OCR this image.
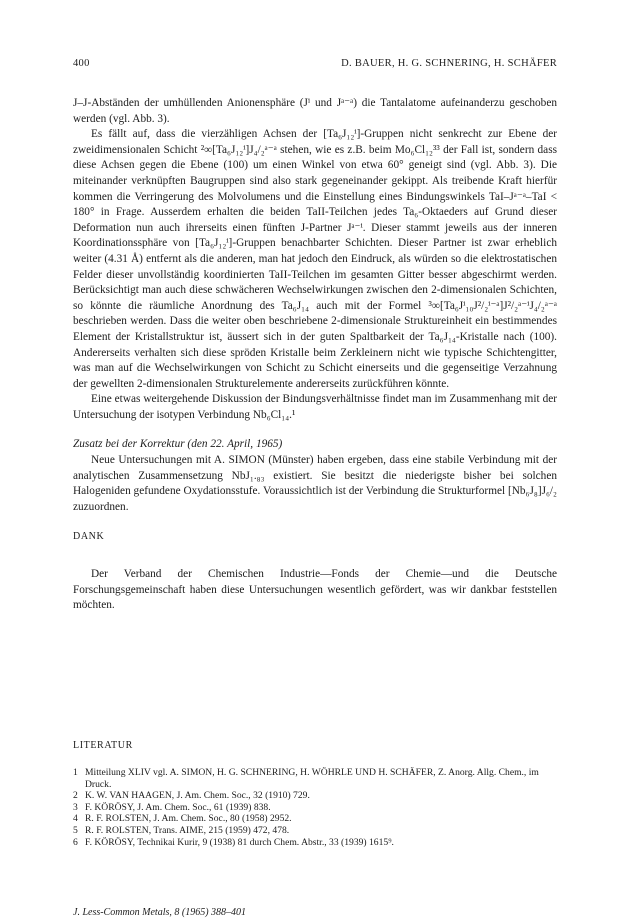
400	D. BAUER, H. G. SCHNERING, H. SCHÄFER

J–J-Abständen der umhüllenden Anionensphäre (Jⁱ und Jᵃ⁻ᵃ) die Tantalatome aufeinanderzu geschoben werden (vgl. Abb. 3).

Es fällt auf, dass die vierzähligen Achsen der [Ta₆J₁₂ⁱ]-Gruppen nicht senkrecht zur Ebene der zweidimensionalen Schicht ²∞[Ta₆J₁₂ⁱ]J₄/₂ᵃ⁻ᵃ stehen, wie es z.B. beim Mo₆Cl₁₂³³ der Fall ist, sondern dass diese Achsen gegen die Ebene (100) um einen Winkel von etwa 60° geneigt sind (vgl. Abb. 3). Die miteinander verknüpften Baugruppen sind also stark gegeneinander gekippt. Als treibende Kraft hierfür kommen die Verringerung des Molvolumens und die Einstellung eines Bindungswinkels TaI–Jᵃ⁻ᵃ–TaI < 180° in Frage. Ausserdem erhalten die beiden TaII-Teilchen jedes Ta₆-Oktaeders auf Grund dieser Deformation nun auch ihrerseits einen fünften J-Partner Jᵃ⁻ⁱ. Dieser stammt jeweils aus der inneren Koordinationssphäre von [Ta₆J₁₂ⁱ]-Gruppen benachbarter Schichten. Dieser Partner ist zwar erheblich weiter (4.31 Å) entfernt als die anderen, man hat jedoch den Eindruck, als würden so die elektrostatischen Felder dieser unvollständig koordinierten TaII-Teilchen im gesamten Gitter besser abgeschirmt werden. Berücksichtigt man auch diese schwächeren Wechselwirkungen zwischen den 2-dimensionalen Schichten, so könnte die räumliche Anordnung des Ta₆J₁₄ auch mit der Formel ³∞[Ta₆Jⁱ₁₀J²/₂ⁱ⁻ᵃ]J²/₂ᵃ⁻ⁱJ₄/₂ᵃ⁻ᵃ beschrieben werden. Dass die weiter oben beschriebene 2-dimensionale Struktureinheit ein bestimmendes Element der Kristallstruktur ist, äussert sich in der guten Spaltbarkeit der Ta₆J₁₄-Kristalle nach (100). Andererseits verhalten sich diese spröden Kristalle beim Zerkleinern nicht wie typische Schichtengitter, was man auf die Wechselwirkungen von Schicht zu Schicht einerseits und die gegenseitige Verzahnung der gewellten 2-dimensionalen Strukturelemente andererseits zurückführen könnte.

Eine etwas weitergehende Diskussion der Bindungsverhältnisse findet man im Zusammenhang mit der Untersuchung der isotypen Verbindung Nb₆Cl₁₄.¹

Zusatz bei der Korrektur (den 22. April, 1965)

Neue Untersuchungen mit A. SIMON (Münster) haben ergeben, dass eine stabile Verbindung mit der analytischen Zusammensetzung NbJ₁.₈₃ existiert. Sie besitzt die niederigste bisher bei solchen Halogeniden gefundene Oxydationsstufe. Voraussichtlich ist der Verbindung die Strukturformel [Nb₆J₈]J₆/₂ zuzuordnen.

DANK

Der Verband der Chemischen Industrie—Fonds der Chemie—und die Deutsche Forschungsgemeinschaft haben diese Untersuchungen wesentlich gefördert, was wir dankbar feststellen möchten.

LITERATUR
1 Mitteilung XLIV vgl. A. SIMON, H. G. SCHNERING, H. WÖHRLE UND H. SCHÄFER, Z. Anorg. Allg. Chem., im Druck.
2 K. W. VAN HAAGEN, J. Am. Chem. Soc., 32 (1910) 729.
3 F. KÖRÖSY, J. Am. Chem. Soc., 61 (1939) 838.
4 R. F. ROLSTEN, J. Am. Chem. Soc., 80 (1958) 2952.
5 R. F. ROLSTEN, Trans. AIME, 215 (1959) 472, 478.
6 F. KÖRÖSY, Technikai Kurir, 9 (1938) 81 durch Chem. Abstr., 33 (1939) 1615⁹.
J. Less-Common Metals, 8 (1965) 388–401
